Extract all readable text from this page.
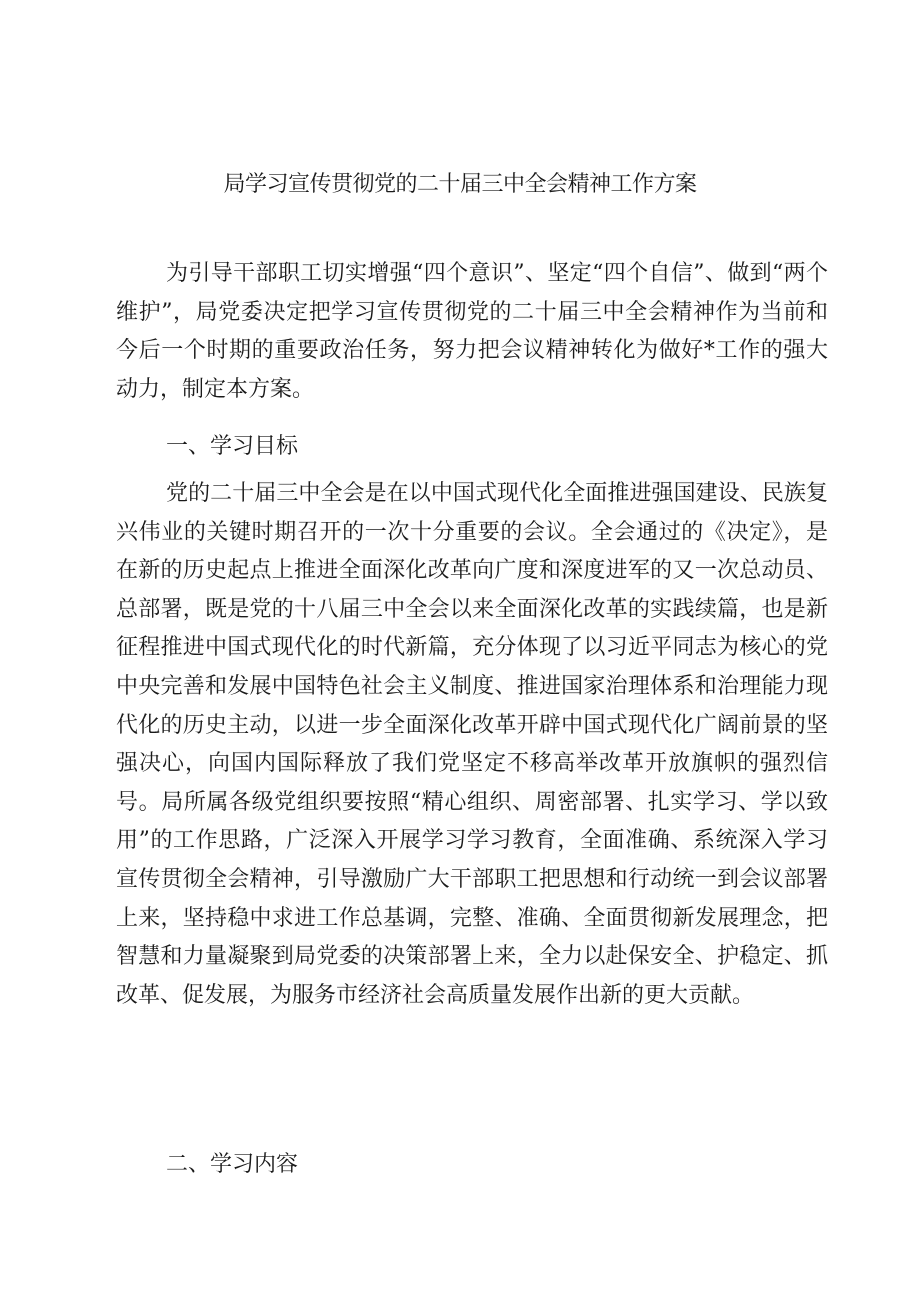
局学习宣传贯彻党的二十届三中全会精神工作方案

为引导干部职工切实增强“四个意识”、坚定“四个自信”、做到“两个维护”，局党委决定把学习宣传贯彻党的二十届三中全会精神作为当前和今后一个时期的重要政治任务，努力把会议精神转化为做好*工作的强大动力，制定本方案。

一、学习目标

党的二十届三中全会是在以中国式现代化全面推进强国建设、民族复兴伟业的关键时期召开的一次十分重要的会议。全会通过的《决定》，是在新的历史起点上推进全面深化改革向广度和深度进军的又一次总动员、总部署，既是党的十八届三中全会以来全面深化改革的实践续篇，也是新征程推进中国式现代化的时代新篇，充分体现了以习近平同志为核心的党中央完善和发展中国特色社会主义制度、推进国家治理体系和治理能力现代化的历史主动，以进一步全面深化改革开辟中国式现代化广阔前景的坚强决心，向国内国际释放了我们党坚定不移高举改革开放旗帜的强烈信号。局所属各级党组织要按照“精心组织、周密部署、扎实学习、学以致用”的工作思路，广泛深入开展学习学习教育，全面准确、系统深入学习宣传贯彻全会精神，引导激励广大干部职工把思想和行动统一到会议部署上来，坚持稳中求进工作总基调，完整、准确、全面贯彻新发展理念，把智慧和力量凝聚到局党委的决策部署上来，全力以赴保安全、护稳定、抓改革、促发展，为服务市经济社会高质量发展作出新的更大贡献。

二、学习内容
